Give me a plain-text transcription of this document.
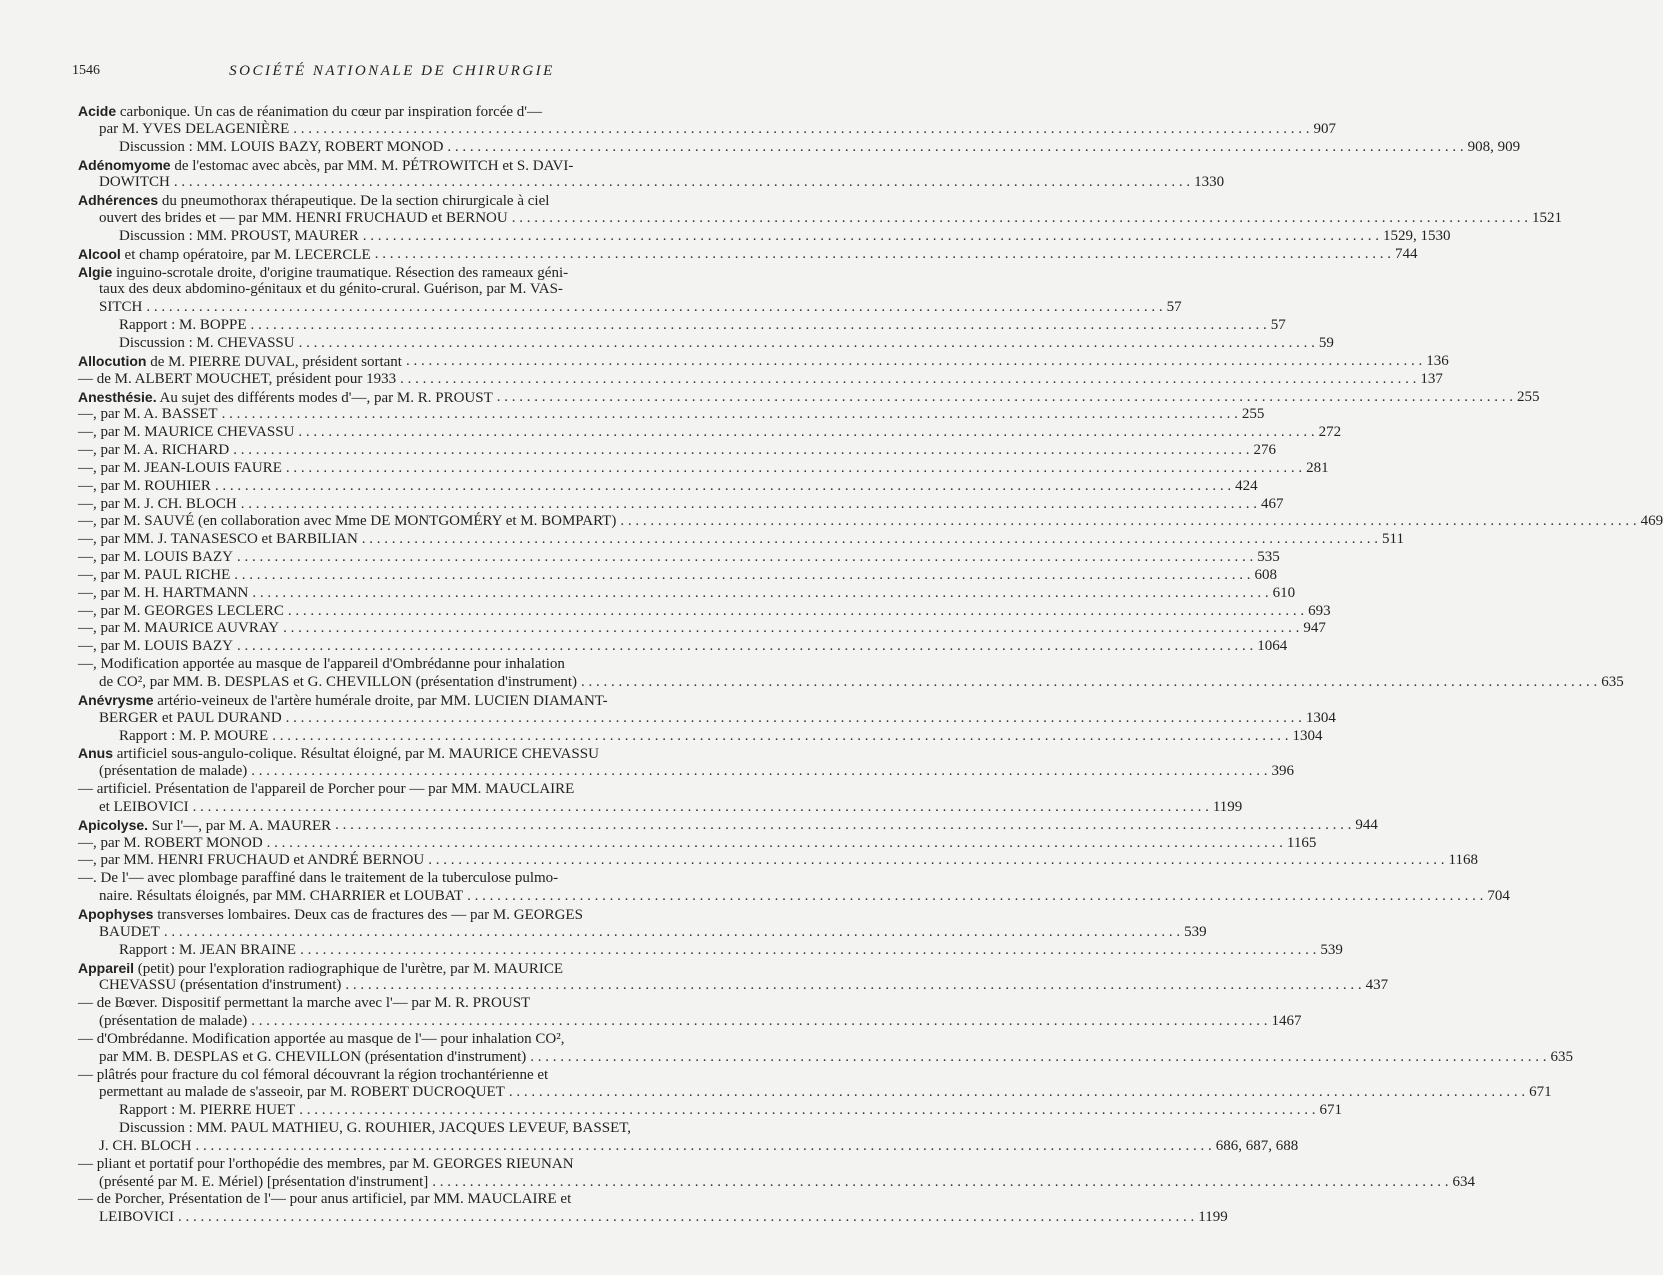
1546	SOCIÉTÉ NATIONALE DE CHIRURGIE
Acide carbonique. Un cas de réanimation du cœur par inspiration forcée d'—
par M. YVES DELAGENIÈRE . . .	907
Discussion : MM. LOUIS BAZY, ROBERT MONOD . . .	908, 909
Adénomyome de l'estomac avec abcès, par MM. M. PÉTROWITCH et S. DAVI-
DOWITCH . . .	1330
Adhérences du pneumothorax thérapeutique. De la section chirurgicale à ciel
ouvert des brides et — par MM. HENRI FRUCHAUD et BERNOU . . .	1521
Discussion : MM. PROUST, MAURER . . .	1529, 1530
Alcool et champ opératoire, par M. LECERCLE . . .	744
Algie inguino-scrotale droite, d'origine traumatique. Résection des rameaux géni-
taux des deux abdomino-génitaux et du génito-crural. Guérison, par M. VAS-
SITCH . . .	57
Rapport : M. BOPPE . . .	57
Discussion : M. CHEVASSU . . .	59
Allocution de M. PIERRE DUVAL, président sortant . . .	136
— de M. ALBERT MOUCHET, président pour 1933 . . .	137
Anesthésie. Au sujet des différents modes d'—, par M. R. PROUST . . .	255
—, par M. A. BASSET . . .	255
—, par M. MAURICE CHEVASSU . . .	272
—, par M. A. RICHARD . . .	276
—, par M. JEAN-LOUIS FAURE . . .	281
—, par M. ROUHIER . . .	424
—, par M. J. CH. BLOCH . . .	467
—, par M. SAUVÉ (en collaboration avec Mme DE MONTGOMÉRY et M. BOMPART) . . .	469
—, par MM. J. TANASESCO et BARBILIAN . . .	511
—, par M. LOUIS BAZY . . .	535
—, par M. PAUL RICHE . . .	608
—, par M. H. HARTMANN . . .	610
—, par M. GEORGES LECLERC . . .	693
—, par M. MAURICE AUVRAY . . .	947
—, par M. LOUIS BAZY . . .	1064
—, Modification apportée au masque de l'appareil d'Ombrédanne pour inhalation
de CO², par MM. B. DESPLAS et G. CHEVILLON (présentation d'instrument) . . .	635
Anévrysme artério-veineux de l'artère humérale droite, par MM. LUCIEN DIAMANT-
BERGER et PAUL DURAND . . .	1304
Rapport : M. P. MOURE . . .	1304
Anus artificiel sous-angulo-colique. Résultat éloigné, par M. MAURICE CHEVASSU
(présentation de malade) . . .	396
— artificiel. Présentation de l'appareil de Porcher pour — par MM. MAUCLAIRE
et LEIBOVICI . . .	1199
Apicolyse. Sur l'—, par M. A. MAURER . . .	944
—, par M. ROBERT MONOD . . .	1165
—, par MM. HENRI FRUCHAUD et ANDRÉ BERNOU . . .	1168
—. De l'— avec plombage paraffiné dans le traitement de la tuberculose pulmo-
naire. Résultats éloignés, par MM. CHARRIER et LOUBAT . . .	704
Apophyses transverses lombaires. Deux cas de fractures des — par M. GEORGES
BAUDET . . .	539
Rapport : M. JEAN BRAINE . . .	539
Appareil (petit) pour l'exploration radiographique de l'urètre, par M. MAURICE
CHEVASSU (présentation d'instrument) . . .	437
— de Bœver. Dispositif permettant la marche avec l'— par M. R. PROUST
(présentation de malade) . . .	1467
— d'Ombrédanne. Modification apportée au masque de l'— pour inhalation CO²,
par MM. B. DESPLAS et G. CHEVILLON (présentation d'instrument) . . .	635
— plâtrés pour fracture du col fémoral découvrant la région trochantérienne et
permettant au malade de s'asseoir, par M. ROBERT DUCROQUET . . .	671
Rapport : M. PIERRE HUET . . .	671
Discussion : MM. PAUL MATHIEU, G. ROUHIER, JACQUES LEVEUF, BASSET,
J. CH. BLOCH . . .	686, 687, 688
— pliant et portatif pour l'orthopédie des membres, par M. GEORGES RIEUNAN
(présenté par M. E. Mériel) [présentation d'instrument] . . .	634
— de Porcher, Présentation de l'— pour anus artificiel, par MM. MAUCLAIRE et
LEIBOVICI . . .	1199
